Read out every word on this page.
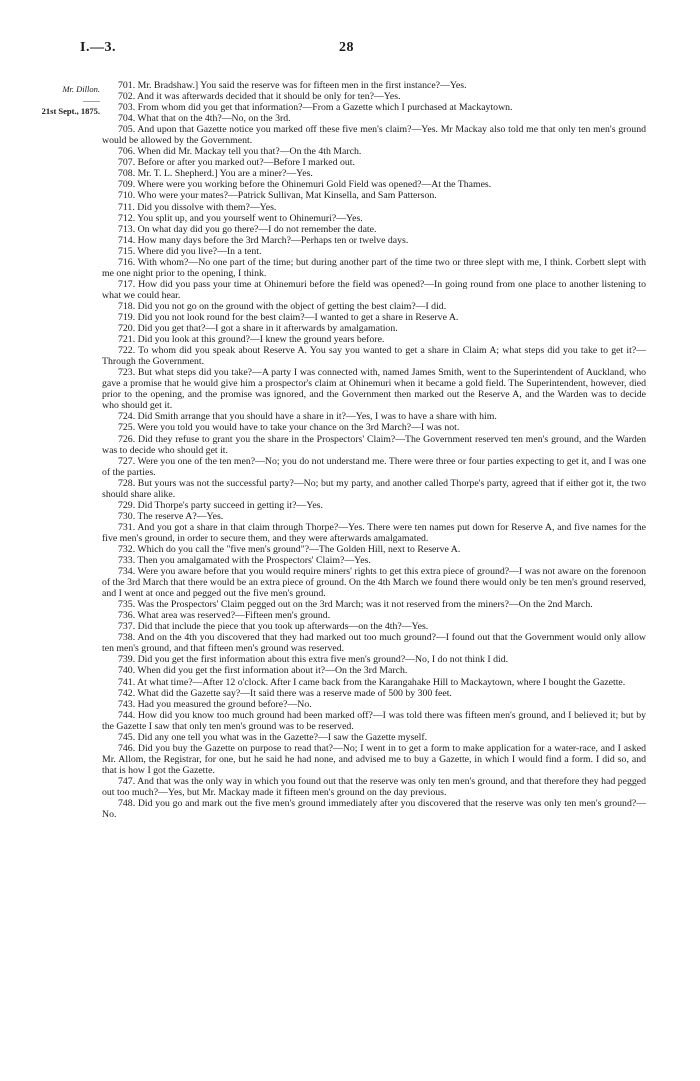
I.—3.	28
Mr. Dillon.
——
21st Sept., 1875.

701. Mr. Bradshaw.] You said the reserve was for fifteen men in the first instance?—Yes.

702. And it was afterwards decided that it should be only for ten?—Yes.

703. From whom did you get that information?—From a Gazette which I purchased at Mackaytown.

704. What that on the 4th?—No, on the 3rd.

705. And upon that Gazette notice you marked off these five men's claim?—Yes. Mr Mackay also told me that only ten men's ground would be allowed by the Government.

706. When did Mr. Mackay tell you that?—On the 4th March.

707. Before or after you marked out?—Before I marked out.

708. Mr. T. L. Shepherd.] You are a miner?—Yes.

709. Where were you working before the Ohinemuri Gold Field was opened?—At the Thames.

710. Who were your mates?—Patrick Sullivan, Mat Kinsella, and Sam Patterson.

711. Did you dissolve with them?—Yes.

712. You split up, and you yourself went to Ohinemuri?—Yes.

713. On what day did you go there?—I do not remember the date.

714. How many days before the 3rd March?—Perhaps ten or twelve days.

715. Where did you live?—In a tent.

716. With whom?—No one part of the time; but during another part of the time two or three slept with me, I think. Corbett slept with me one night prior to the opening, I think.

717. How did you pass your time at Ohinemuri before the field was opened?—In going round from one place to another listening to what we could hear.

718. Did you not go on the ground with the object of getting the best claim?—I did.

719. Did you not look round for the best claim?—I wanted to get a share in Reserve A.

720. Did you get that?—I got a share in it afterwards by amalgamation.

721. Did you look at this ground?—I knew the ground years before.

722. To whom did you speak about Reserve A. You say you wanted to get a share in Claim A; what steps did you take to get it?—Through the Government.

723. But what steps did you take?—A party I was connected with, named James Smith, went to the Superintendent of Auckland, who gave a promise that he would give him a prospector's claim at Ohinemuri when it became a gold field. The Superintendent, however, died prior to the opening, and the promise was ignored, and the Government then marked out the Reserve A, and the Warden was to decide who should get it.

724. Did Smith arrange that you should have a share in it?—Yes, I was to have a share with him.

725. Were you told you would have to take your chance on the 3rd March?—I was not.

726. Did they refuse to grant you the share in the Prospectors' Claim?—The Government reserved ten men's ground, and the Warden was to decide who should get it.

727. Were you one of the ten men?—No; you do not understand me. There were three or four parties expecting to get it, and I was one of the parties.

728. But yours was not the successful party?—No; but my party, and another called Thorpe's party, agreed that if either got it, the two should share alike.

729. Did Thorpe's party succeed in getting it?—Yes.

730. The reserve A?—Yes.

731. And you got a share in that claim through Thorpe?—Yes. There were ten names put down for Reserve A, and five names for the five men's ground, in order to secure them, and they were afterwards amalgamated.

732. Which do you call the "five men's ground"?—The Golden Hill, next to Reserve A.

733. Then you amalgamated with the Prospectors' Claim?—Yes.

734. Were you aware before that you would require miners' rights to get this extra piece of ground?—I was not aware on the forenoon of the 3rd March that there would be an extra piece of ground. On the 4th March we found there would only be ten men's ground reserved, and I went at once and pegged out the five men's ground.

735. Was the Prospectors' Claim pegged out on the 3rd March; was it not reserved from the miners?—On the 2nd March.

736. What area was reserved?—Fifteen men's ground.

737. Did that include the piece that you took up afterwards—on the 4th?—Yes.

738. And on the 4th you discovered that they had marked out too much ground?—I found out that the Government would only allow ten men's ground, and that fifteen men's ground was reserved.

739. Did you get the first information about this extra five men's ground?—No, I do not think I did.

740. When did you get the first information about it?—On the 3rd March.

741. At what time?—After 12 o'clock. After I came back from the Karangahake Hill to Mackaytown, where I bought the Gazette.

742. What did the Gazette say?—It said there was a reserve made of 500 by 300 feet.

743. Had you measured the ground before?—No.

744. How did you know too much ground had been marked off?—I was told there was fifteen men's ground, and I believed it; but by the Gazette I saw that only ten men's ground was to be reserved.

745. Did any one tell you what was in the Gazette?—I saw the Gazette myself.

746. Did you buy the Gazette on purpose to read that?—No; I went in to get a form to make application for a water-race, and I asked Mr. Allom, the Registrar, for one, but he said he had none, and advised me to buy a Gazette, in which I would find a form. I did so, and that is how I got the Gazette.

747. And that was the only way in which you found out that the reserve was only ten men's ground, and that therefore they had pegged out too much?—Yes, but Mr. Mackay made it fifteen men's ground on the day previous.

748. Did you go and mark out the five men's ground immediately after you discovered that the reserve was only ten men's ground?—No.
